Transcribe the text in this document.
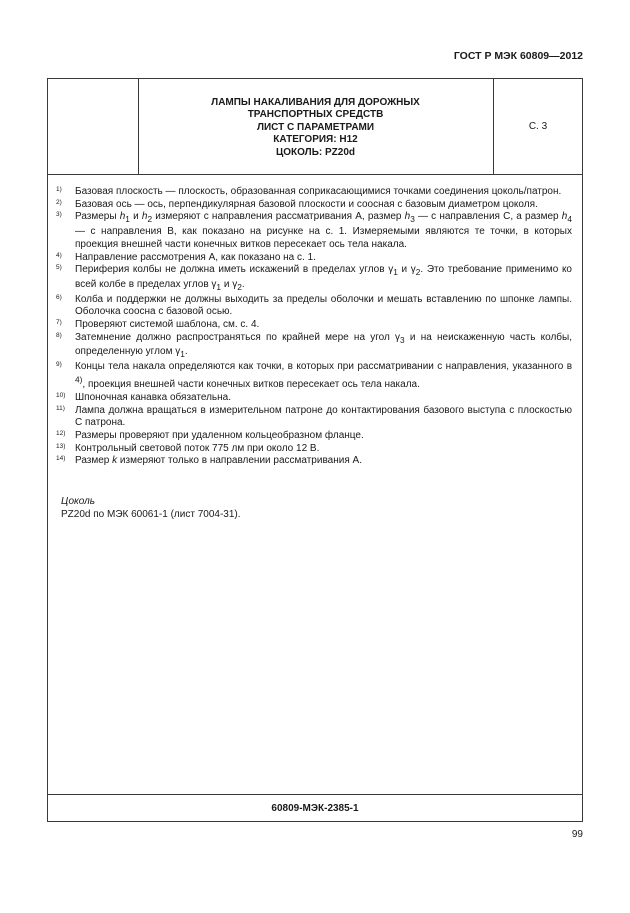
ГОСТ Р МЭК 60809—2012
ЛАМПЫ НАКАЛИВАНИЯ ДЛЯ ДОРОЖНЫХ
ТРАНСПОРТНЫХ СРЕДСТВ
ЛИСТ С ПАРАМЕТРАМИ
КАТЕГОРИЯ: Н12
ЦОКОЛЬ: PZ20d
С. 3
1) Базовая плоскость — плоскость, образованная соприкасающимися точками соединения цоколь/патрон.
2) Базовая ось — ось, перпендикулярная базовой плоскости и соосная с базовым диаметром цоколя.
3) Размеры $h_1$ и $h_2$ измеряют с направления рассматривания А, размер $h_3$ — с направления С, а размер $h_4$ — с направления В, как показано на рисунке на с. 1. Измеряемыми являются те точки, в которых проекция внешней части конечных витков пересекает ось тела накала.
4) Направление рассмотрения А, как показано на с. 1.
5) Периферия колбы не должна иметь искажений в пределах углов $\gamma_1$ и $\gamma_2$. Это требование применимо ко всей колбе в пределах углов $\gamma_1$ и $\gamma_2$.
6) Колба и поддержки не должны выходить за пределы оболочки и мешать вставлению по шпонке лампы. Оболочка соосна с базовой осью.
7) Проверяют системой шаблона, см. с. 4.
8) Затемнение должно распространяться по крайней мере на угол $\gamma_3$ и на неискаженную часть колбы, определенную углом $\gamma_1$.
9) Концы тела накала определяются как точки, в которых при рассматривании с направления, указанного в $^{4)}$, проекция внешней части конечных витков пересекает ось тела накала.
10) Шпоночная канавка обязательна.
11) Лампа должна вращаться в измерительном патроне до контактирования базового выступа с плоскостью С патрона.
12) Размеры проверяют при удаленном кольцеобразном фланце.
13) Контрольный световой поток 775 лм при около 12 В.
14) Размер k измеряют только в направлении рассматривания А.
Цоколь
PZ20d по МЭК 60061-1 (лист 7004-31).
60809-МЭК-2385-1
99
